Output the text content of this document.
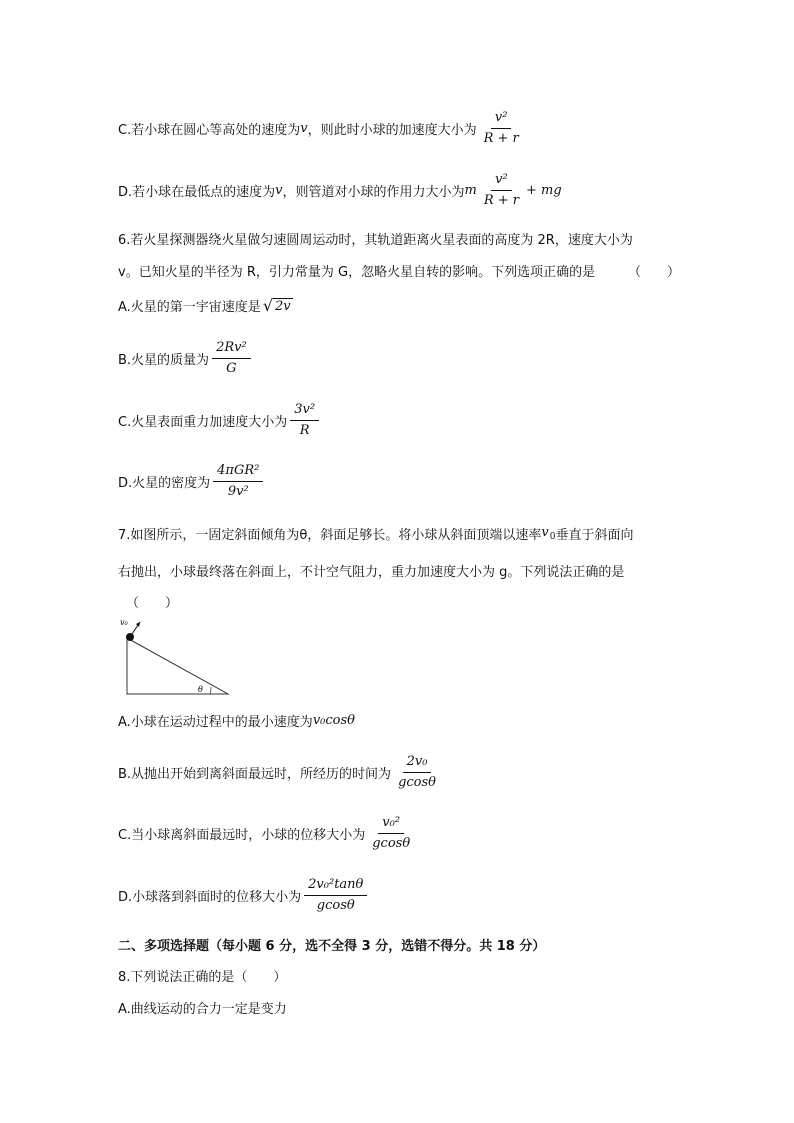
C.若小球在圆心等高处的速度为 v ，则此时小球的加速度大小为 $\frac{\text{v²}}{R + r}$
D.若小球在最低点的速度为 v ，则管道对小球的作用力大小为 m $\frac{\text{v²}}{R + r}$ + mg
6.若火星探测器绕火星做匀速圆周运动时，其轨道距离火星表面的高度为 2R，速度大小为
v。已知火星的半径为 R，引力常量为 G，忽略火星自转的影响。下列选项正确的是	（　　）
A.火星的第一宇宙速度是 √ 2v
B.火星的质量为 $\frac{\text{2Rv²}}{G}$
C.火星表面重力加速度大小为 $\frac{\text{3v²}}{R}$
D.火星的密度为 $\frac{\text{4πGR²}}{\text{9v²}}$
7.如图所示，一固定斜面倾角为θ，斜面足够长。将小球从斜面顶端以速率 $v_0$ 垂直于斜面向
右抛出，小球最终落在斜面上，不计空气阻力，重力加速度大小为 g。下列说法正确的是
（　　）
v₀
θ
A.小球在运动过程中的最小速度为 v₀cosθ
B.从抛出开始到离斜面最远时，所经历的时间为 $\frac{\text{2v₀}}{gcos\theta}$
C.当小球离斜面最远时，小球的位移大小为 $\frac{\text{v₀²}}{gcos\theta}$
D.小球落到斜面时的位移大小为 $\frac{\text{2v₀²tanθ}}{gcos\theta}$
二、多项选择题（每小题 6 分，选不全得 3 分，选错不得分。共 18 分）
8.下列说法正确的是（　　）
A.曲线运动的合力一定是变力
